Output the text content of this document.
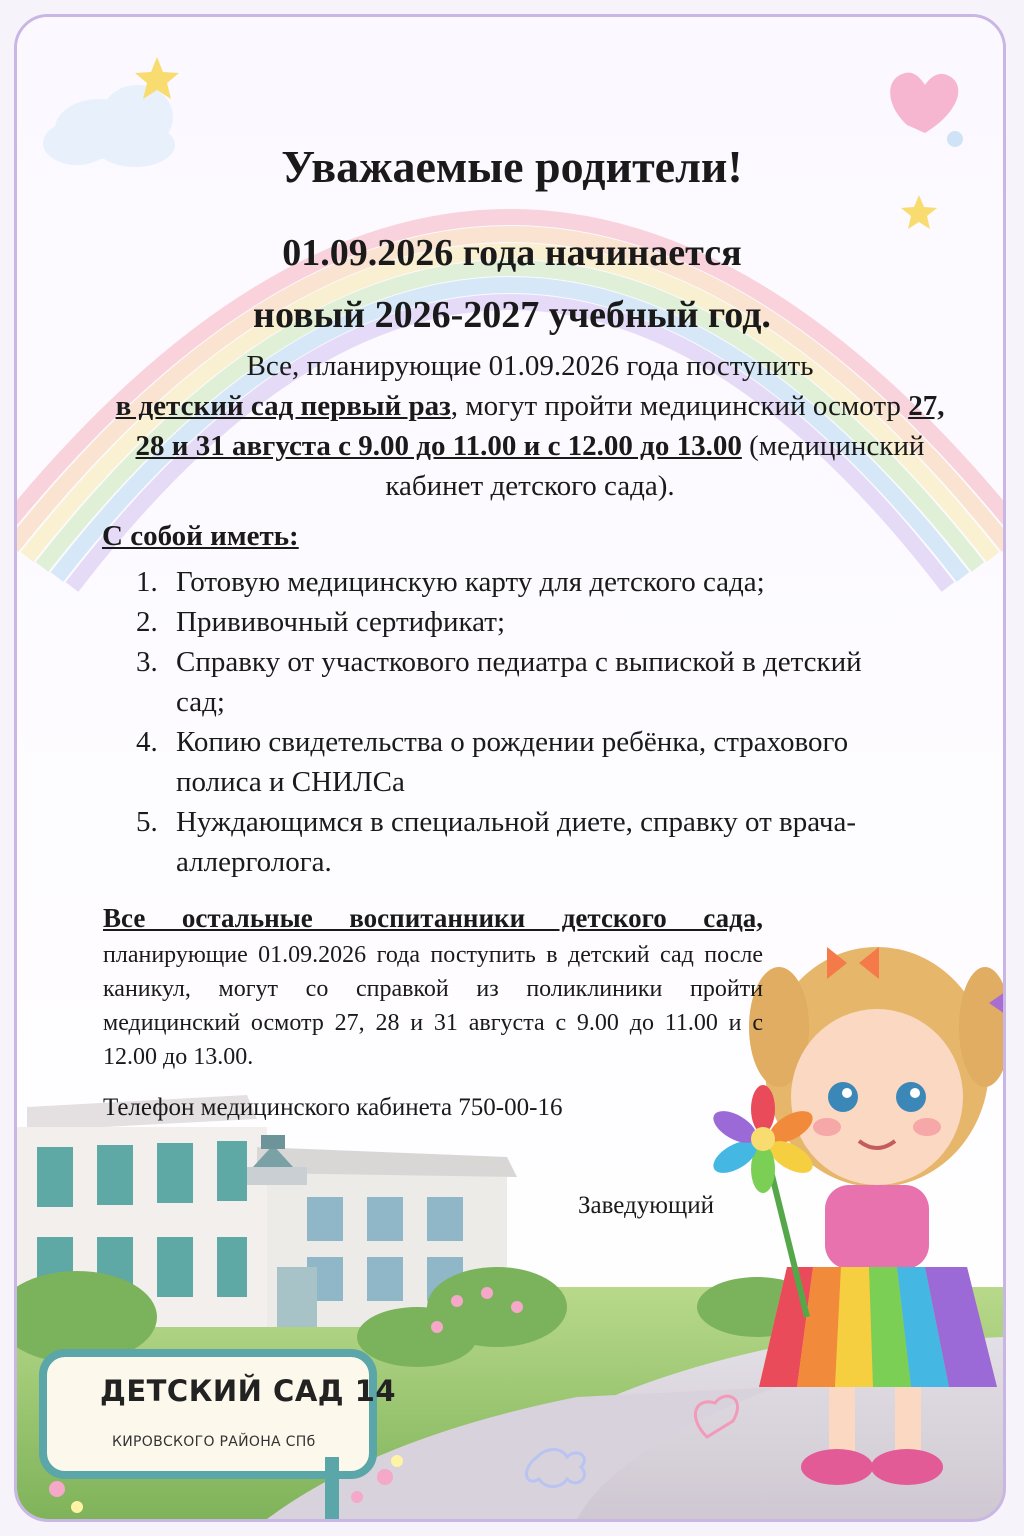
Уважаемые родители!
01.09.2026 года начинается
новый 2026-2027 учебный год.
Все, планирующие 01.09.2026 года поступить
в детский сад первый раз, могут пройти медицинский осмотр 27, 28 и 31 августа с 9.00 до 11.00 и с 12.00 до 13.00 (медицинский кабинет детского сада).
С собой иметь:
1. Готовую медицинскую карту для детского сада;
2. Прививочный сертификат;
3. Справку от участкового педиатра с выпиской в детский сад;
4. Копию свидетельства о рождении ребёнка, страхового полиса и СНИЛСа
5. Нуждающимся в специальной диете, справку от врача-аллерголога.
Все остальные воспитанники детского сада,
планирующие 01.09.2026 года поступить в детский сад после каникул, могут со справкой из поликлиники пройти медицинский осмотр 27, 28 и 31 августа с 9.00 до 11.00 и с 12.00 до 13.00.
Телефон медицинского кабинета 750-00-16
Заведующий
ДЕТСКИЙ САД 14
КИРОВСКОГО РАЙОНА СПб
